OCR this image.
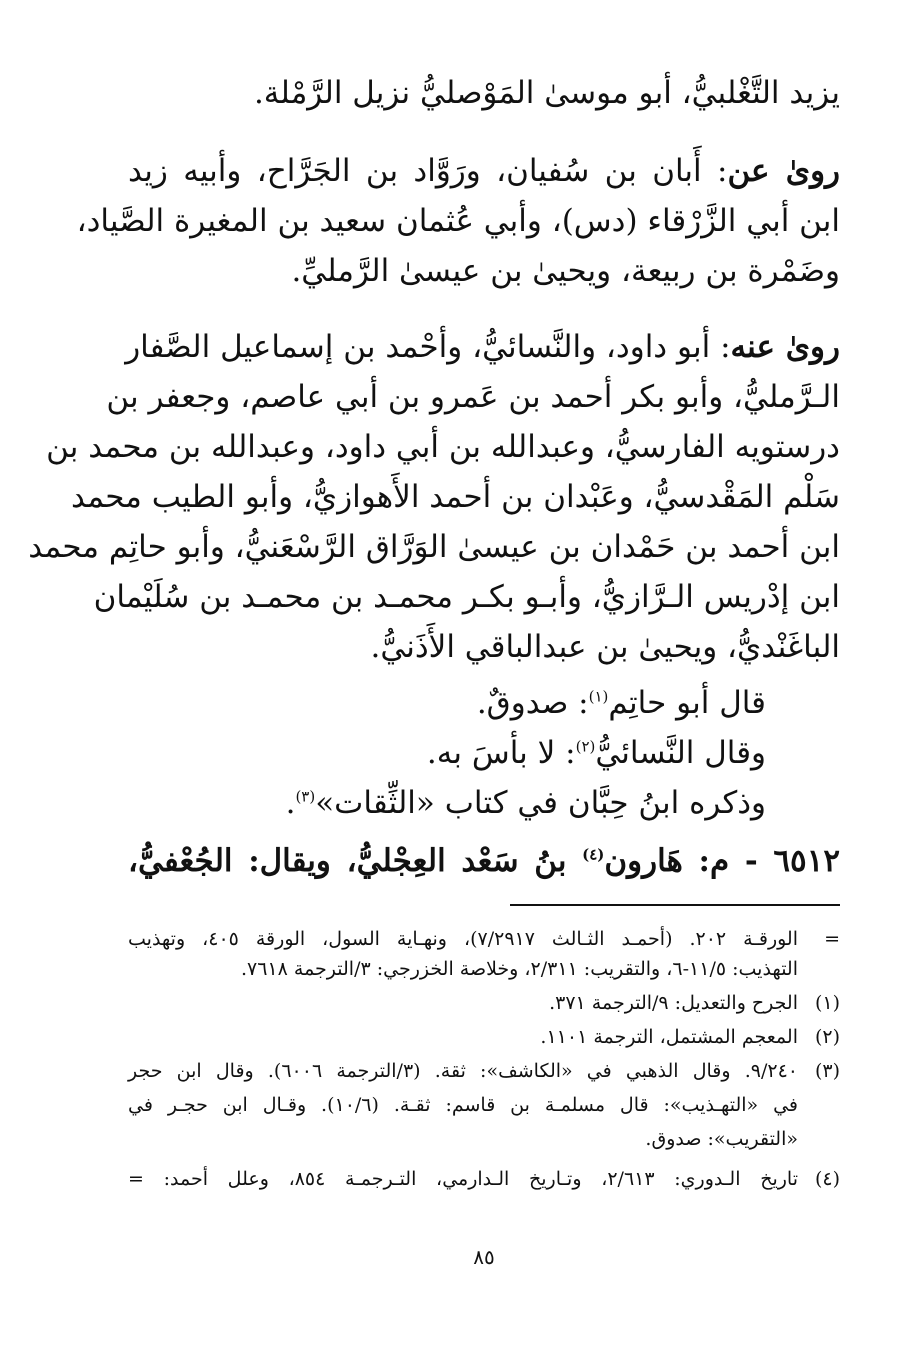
يزيد التَّغْلبيُّ، أبو موسىٰ المَوْصليُّ نزيل الرَّمْلة.
روىٰ عن: أَبان بن سُفيان، ورَوَّاد بن الجَرَّاح، وأبيه زيد
ابن أبي الزَّرْقاء (دس)، وأبي عُثمان سعيد بن المغيرة الصَّياد،
وضَمْرة بن ربيعة، ويحيىٰ بن عيسىٰ الرَّمليِّ.
روىٰ عنه: أبو داود، والنَّسائيُّ، وأحْمد بن إسماعيل الصَّفار
الـرَّمليُّ، وأبو بكر أحمد بن عَمرو بن أبي عاصم، وجعفر بن
درستويه الفارسيُّ، وعبدالله بن أبي داود، وعبدالله بن محمد بن
سَلْم المَقْدسيُّ، وعَبْدان بن أحمد الأَهوازيُّ، وأبو الطيب محمد
ابن أحمد بن حَمْدان بن عيسىٰ الوَرَّاق الرَّسْعَنيُّ، وأبو حاتِم محمد
ابن إدْريس الـرَّازيُّ، وأبـو بكـر محمـد بن محمـد بن سُلَيْمان
الباغَنْديُّ، ويحيىٰ بن عبدالباقي الأَذَنيُّ.
قال أبو حاتِم$^{(١)}$: صدوقٌ.
وقال النَّسائيُّ$^{(٢)}$: لا بأسَ به.
وذكره ابنُ حِبَّان في كتاب «الثِّقات»$^{(٣)}$.
٦٥١٢ - م: هَارون$^{(٤)}$ بنُ سَعْد العِجْليُّ، ويقال: الجُعْفيُّ،
=الورقـة ٢٠٢. (أحمـد الثـالث ٧/٢٩١٧)، ونهـاية السول، الورقة ٤٠٥، وتهذيب
التهذيب: ١١/٥-٦، والتقريب: ٢/٣١١، وخلاصة الخزرجي: ٣/الترجمة ٧٦١٨.
(١)الجرح والتعديل: ٩/الترجمة ٣٧١.
(٢)المعجم المشتمل، الترجمة ١١٠١.
(٣)٩/٢٤٠. وقال الذهبي في «الكاشف»: ثقة. (٣/الترجمة ٦٠٠٦). وقال ابن حجر
في «التهـذيب»: قال مسلمـة بن قاسم: ثقـة. (١٠/٦). وقـال ابن حجـر في
«التقريب»: صدوق.
(٤)تاريخ الـدوري: ٢/٦١٣، وتـاريخ الـدارمي، التـرجمـة ٨٥٤، وعلل أحمد: =
٨٥
